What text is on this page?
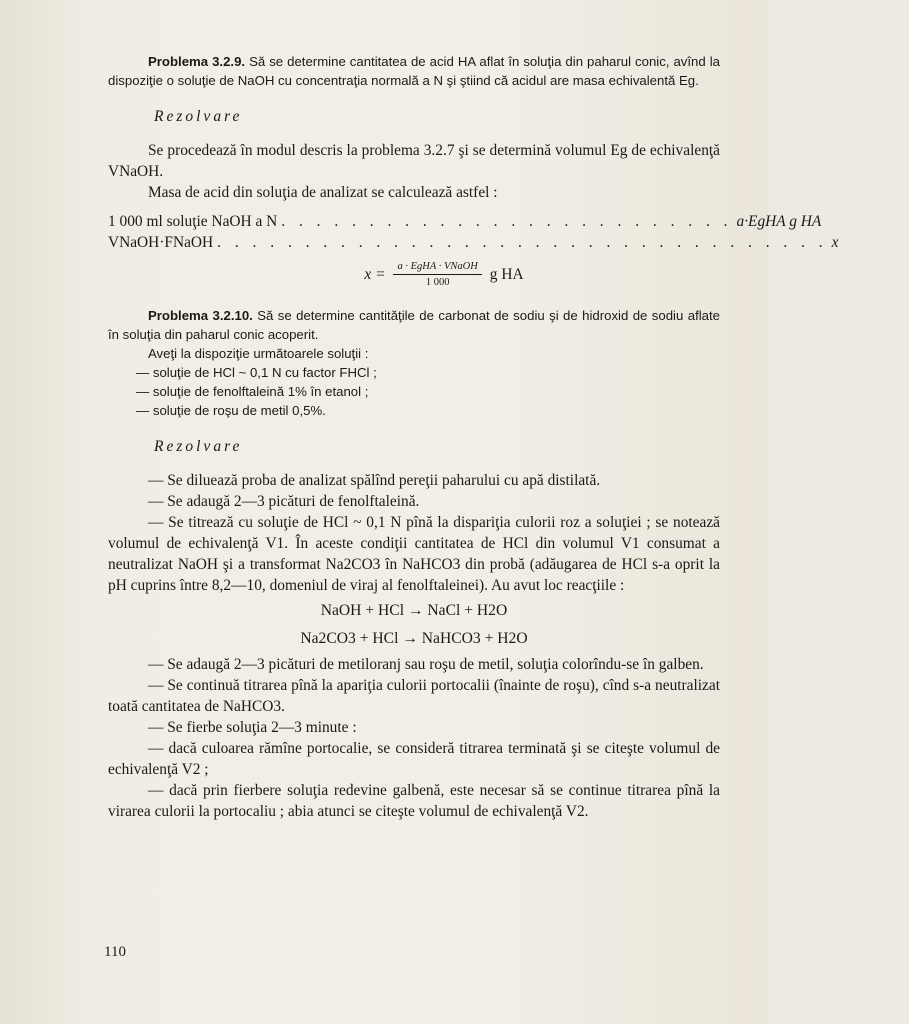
Problema 3.2.9. Să se determine cantitatea de acid HA aflat în soluţia din paharul conic, avînd la dispoziţie o soluţie de NaOH cu concentraţia normală a N şi ştiind că acidul are masa echivalentă Eg.

Rezolvare

Se procedează în modul descris la problema 3.2.7 şi se determină volumul Eg de echivalenţă VNaOH.

Masa de acid din soluţia de analizat se calculează astfel :

1 000 ml soluţie NaOH a N . . . . . . . . . . . . . . . . . . . . . . . . . . a·EgHA g HA
VNaOH·FNaOH . . . . . . . . . . . . . . . . . . . . . . . . . . . . . . . . . . . x
$x = \frac{\text{a · EgHA · VNaOH}}{1 000}$ g HA

Problema 3.2.10. Să se determine cantităţile de carbonat de sodiu şi de hidroxid de sodiu aflate în soluţia din paharul conic acoperit.

Aveţi la dispoziţie următoarele soluţii :

— soluţie de HCl ~ 0,1 N cu factor FHCl ;
— soluţie de fenolftaleină 1% în etanol ;
— soluţie de roşu de metil 0,5%.
Rezolvare

— Se diluează proba de analizat spălînd pereţii paharului cu apă distilată.

— Se adaugă 2—3 picături de fenolftaleină.

— Se titrează cu soluţie de HCl ~ 0,1 N pînă la dispariţia culorii roz a soluţiei ; se notează volumul de echivalenţă V1. În aceste condiţii cantitatea de HCl din volumul V1 consumat a neutralizat NaOH şi a transformat Na2CO3 în NaHCO3 din probă (adăugarea de HCl s-a oprit la pH cuprins între 8,2—10, domeniul de viraj al fenolftaleinei). Au avut loc reacţiile :

NaOH + HCl → NaCl + H2O
Na2CO3 + HCl → NaHCO3 + H2O

— Se adaugă 2—3 picături de metiloranj sau roşu de metil, soluţia colorîndu-se în galben.

— Se continuă titrarea pînă la apariţia culorii portocalii (înainte de roşu), cînd s-a neutralizat toată cantitatea de NaHCO3.

— Se fierbe soluţia 2—3 minute :

— dacă culoarea rămîne portocalie, se consideră titrarea terminată şi se citeşte volumul de echivalenţă V2 ;

— dacă prin fierbere soluţia redevine galbenă, este necesar să se continue titrarea pînă la virarea culorii la portocaliu ; abia atunci se citeşte volumul de echivalenţă V2.

110
